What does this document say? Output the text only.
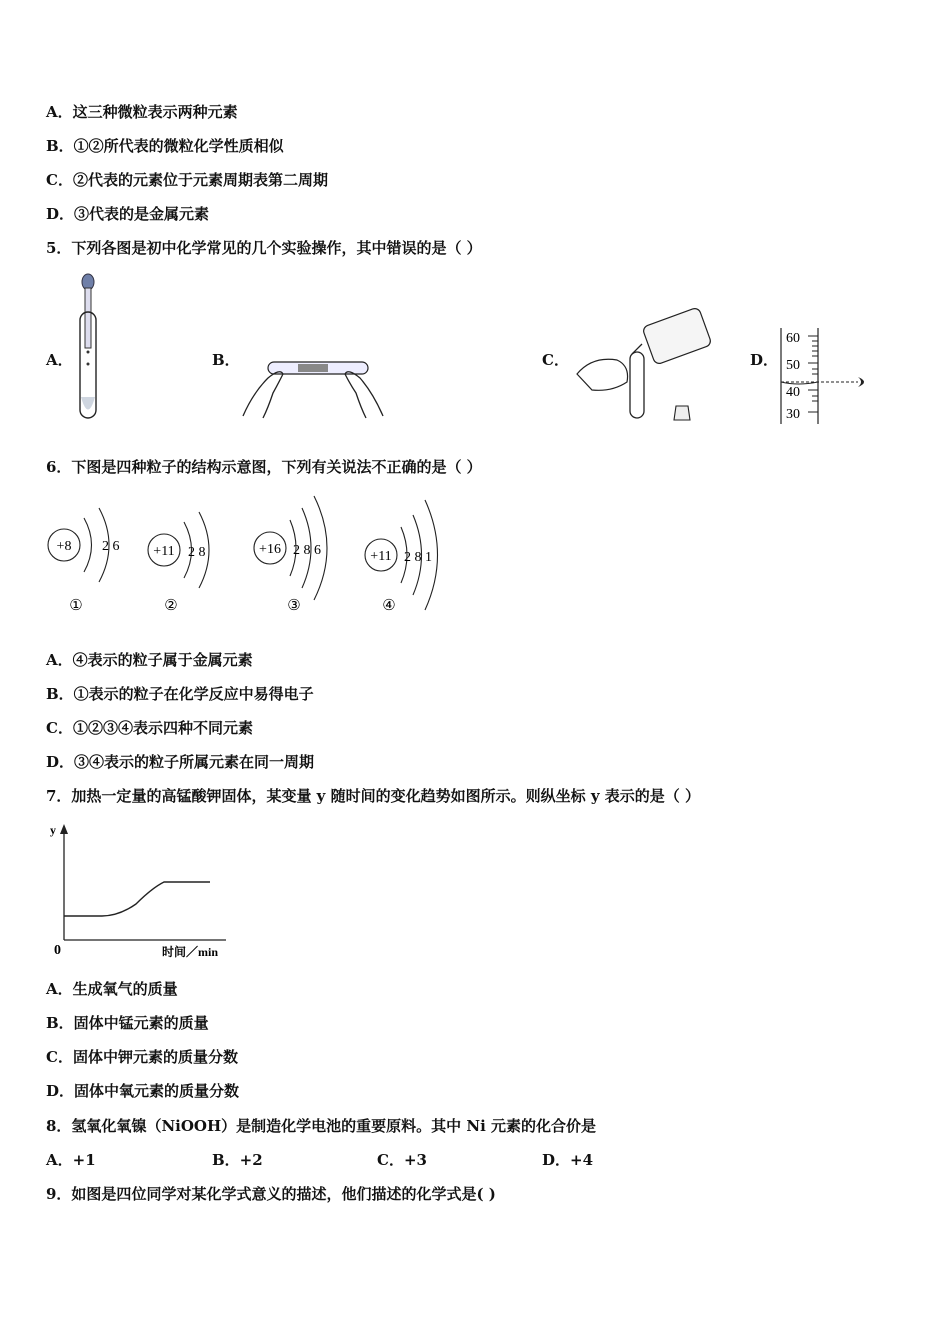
A．这三种微粒表示两种元素
B．①②所代表的微粒化学性质相似
C．②代表的元素位于元素周期表第二周期
D．③代表的是金属元素
5．下列各图是初中化学常见的几个实验操作，其中错误的是（ ）
A．	B．	C．	D．
60
50
40
30
6．下图是四种粒子的结构示意图，下列有关说法不正确的是（ ）
+8 2 6
①
+11 2 8
②
+16 2 8 6
③
+11 2 8 1
④
A．④表示的粒子属于金属元素
B．①表示的粒子在化学反应中易得电子
C．①②③④表示四种不同元素
D．③④表示的粒子所属元素在同一周期
7．加热一定量的高锰酸钾固体，某变量 y 随时间的变化趋势如图所示。则纵坐标 y 表示的是（ ）
y
0	时间／min
A．生成氧气的质量
B．固体中锰元素的质量
C．固体中钾元素的质量分数
D．固体中氧元素的质量分数
8．氢氧化氧镍（NiOOH）是制造化学电池的重要原料。其中 Ni 元素的化合价是
A．+1	B．+2	C．+3	D．+4
9．如图是四位同学对某化学式意义的描述，他们描述的化学式是( )
